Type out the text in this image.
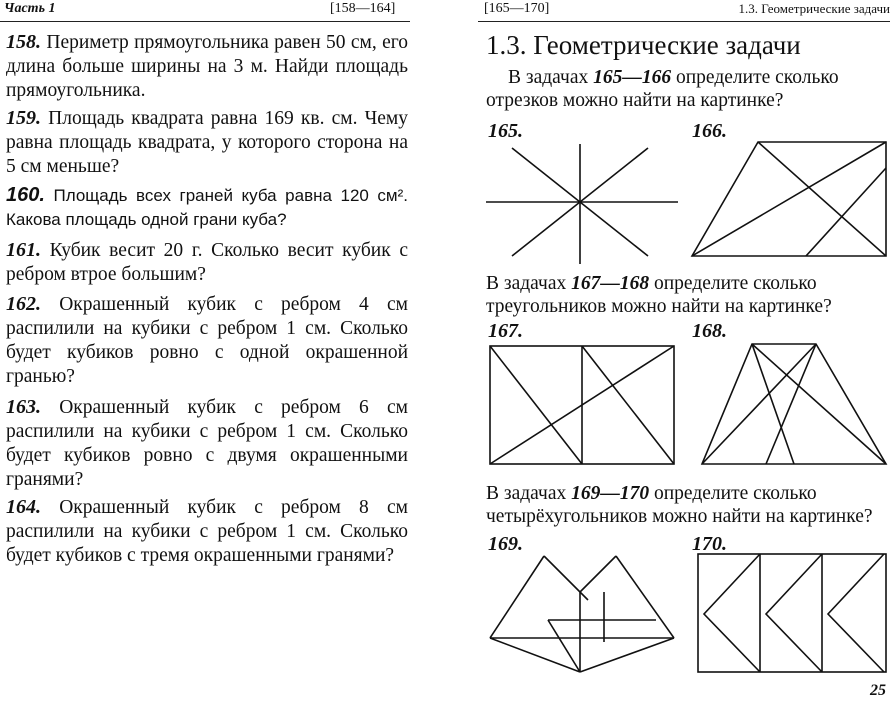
Часть 1	[158—164]
158. Периметр прямоугольника равен 50 см, его длина больше ширины на 3 м. Найди площадь прямоугольника.
159. Площадь квадрата равна 169 кв. см. Чему равна площадь квадрата, у которого сторона на 5 см меньше?
160. Площадь всех граней куба равна 120 см². Какова площадь одной грани куба?
161. Кубик весит 20 г. Сколько весит кубик с ребром втрое большим?
162. Окрашенный кубик с ребром 4 см распилили на кубики с ребром 1 см. Сколько будет кубиков ровно с одной окрашенной гранью?
163. Окрашенный кубик с ребром 6 см распилили на кубики с ребром 1 см. Сколько будет кубиков ровно с двумя окрашенными гранями?
164. Окрашенный кубик с ребром 8 см распилили на кубики с ребром 1 см. Сколько будет кубиков с тремя окрашенными гранями?
[165—170]	1.3. Геометрические задачи
1.3. Геометрические задачи
В задачах 165—166 определите сколько отрезков можно найти на картинке?
165.	166.
В задачах 167—168 определите сколько треугольников можно найти на картинке?
167.	168.
В задачах 169—170 определите сколько четырёхугольников можно найти на картинке?
169.	170.
25
